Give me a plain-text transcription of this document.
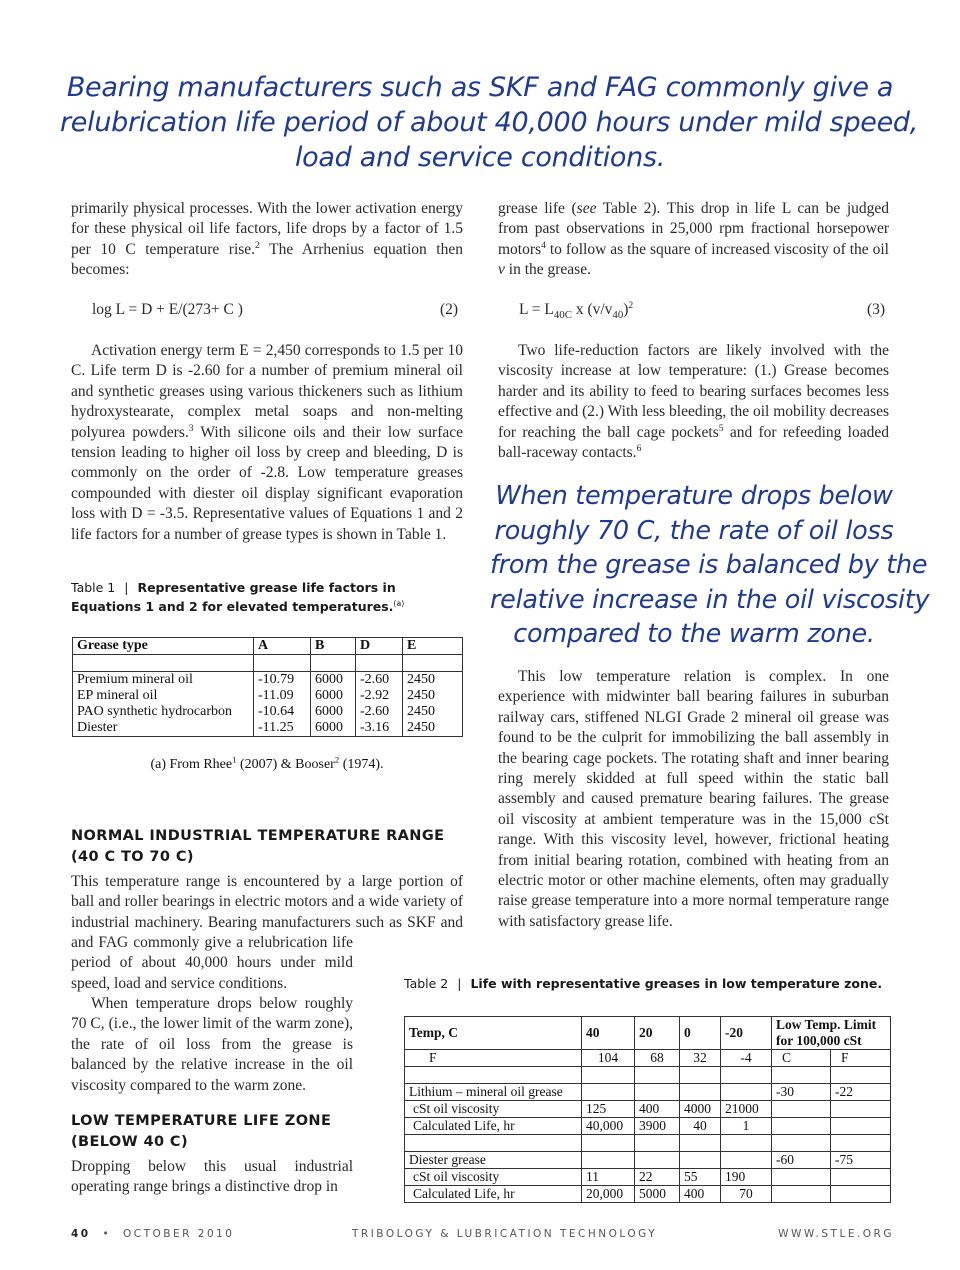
Bearing manufacturers such as SKF and FAG commonly give a
relubrication life period of about 40,000 hours under mild speed,
load and service conditions.

primarily physical processes. With the lower activation energy for these physical oil life factors, life drops by a factor of 1.5 per 10 C temperature rise.$^2$ The Arrhenius equation then becomes:

log L = D + E/(273+ C )	(2)

Activation energy term E = 2,450 corresponds to 1.5 per 10 C. Life term D is -2.60 for a number of premium mineral oil and synthetic greases using various thickeners such as lithium hydroxystearate, complex metal soaps and non-melting polyurea powders.$^3$ With silicone oils and their low surface tension leading to higher oil loss by creep and bleeding, D is commonly on the order of -2.8. Low temperature greases compounded with diester oil display significant evaporation loss with D = -3.5. Representative values of Equations 1 and 2 life factors for a number of grease types is shown in Table 1.

Table 1 | Representative grease life factors in Equations 1 and 2 for elevated temperatures.$^{(a)}$
Grease type	A	B	D	E

Premium mineral oil	-10.79	6000	-2.60	2450
EP mineral oil	-11.09	6000	-2.92	2450
PAO synthetic hydrocarbon	-10.64	6000	-2.60	2450
Diester	-11.25	6000	-3.16	2450
(a) From Rhee$^1$ (2007) & Booser$^2$ (1974).
NORMAL INDUSTRIAL TEMPERATURE RANGE
(40 C TO 70 C)

This temperature range is encountered by a large portion of ball and roller bearings in electric motors and a wide variety of industrial machinery. Bearing manufacturers such as SKF and

and FAG commonly give a relubrication life period of about 40,000 hours under mild speed, load and service conditions.

When temperature drops below roughly 70 C, (i.e., the lower limit of the warm zone), the rate of oil loss from the grease is balanced by the relative increase in the oil viscosity compared to the warm zone.

LOW TEMPERATURE LIFE ZONE
(BELOW 40 C)

Dropping below this usual industrial operating range brings a distinctive drop in

grease life (see Table 2). This drop in life L can be judged from past observations in 25,000 rpm fractional horsepower motors$^4$ to follow as the square of increased viscosity of the oil v in the grease.

$L = L_{40C}$ x $(v/v_{40})^2$	(3)

Two life-reduction factors are likely involved with the viscosity increase at low temperature: (1.) Grease becomes harder and its ability to feed to bearing surfaces becomes less effective and (2.) With less bleeding, the oil mobility decreases for reaching the ball cage pockets$^5$ and for refeeding loaded ball-raceway contacts.$^6$

When temperature drops below
roughly 70 C, the rate of oil loss
from the grease is balanced by the
relative increase in the oil viscosity
compared to the warm zone.

This low temperature relation is complex. In one experience with midwinter ball bearing failures in suburban railway cars, stiffened NLGI Grade 2 mineral oil grease was found to be the culprit for immobilizing the ball assembly in the bearing cage pockets. The rotating shaft and inner bearing ring merely skidded at full speed within the static ball assembly and caused premature bearing failures. The grease oil viscosity at ambient temperature was in the 15,000 cSt range. With this viscosity level, however, frictional heating from initial bearing rotation, combined with heating from an electric motor or other machine elements, often may gradually raise grease temperature into a more normal temperature range with satisfactory grease life.

Table 2 | Life with representative greases in low temperature zone.
Temp, C	40	20	0	-20	Low Temp. Limit
for 100,000 cSt	

F	104	68	32	-4	C	F

Lithium – mineral oil grease					-30	-22
cSt oil viscosity	125	400	4000	21000		
Calculated Life, hr	40,000	3900	40	1		

Diester grease					-60	-75
cSt oil viscosity	11	22	55	190		
Calculated Life, hr	20,000	5000	400	70		
40 • OCTOBER 2010	TRIBOLOGY & LUBRICATION TECHNOLOGY	WWW.STLE.ORG
